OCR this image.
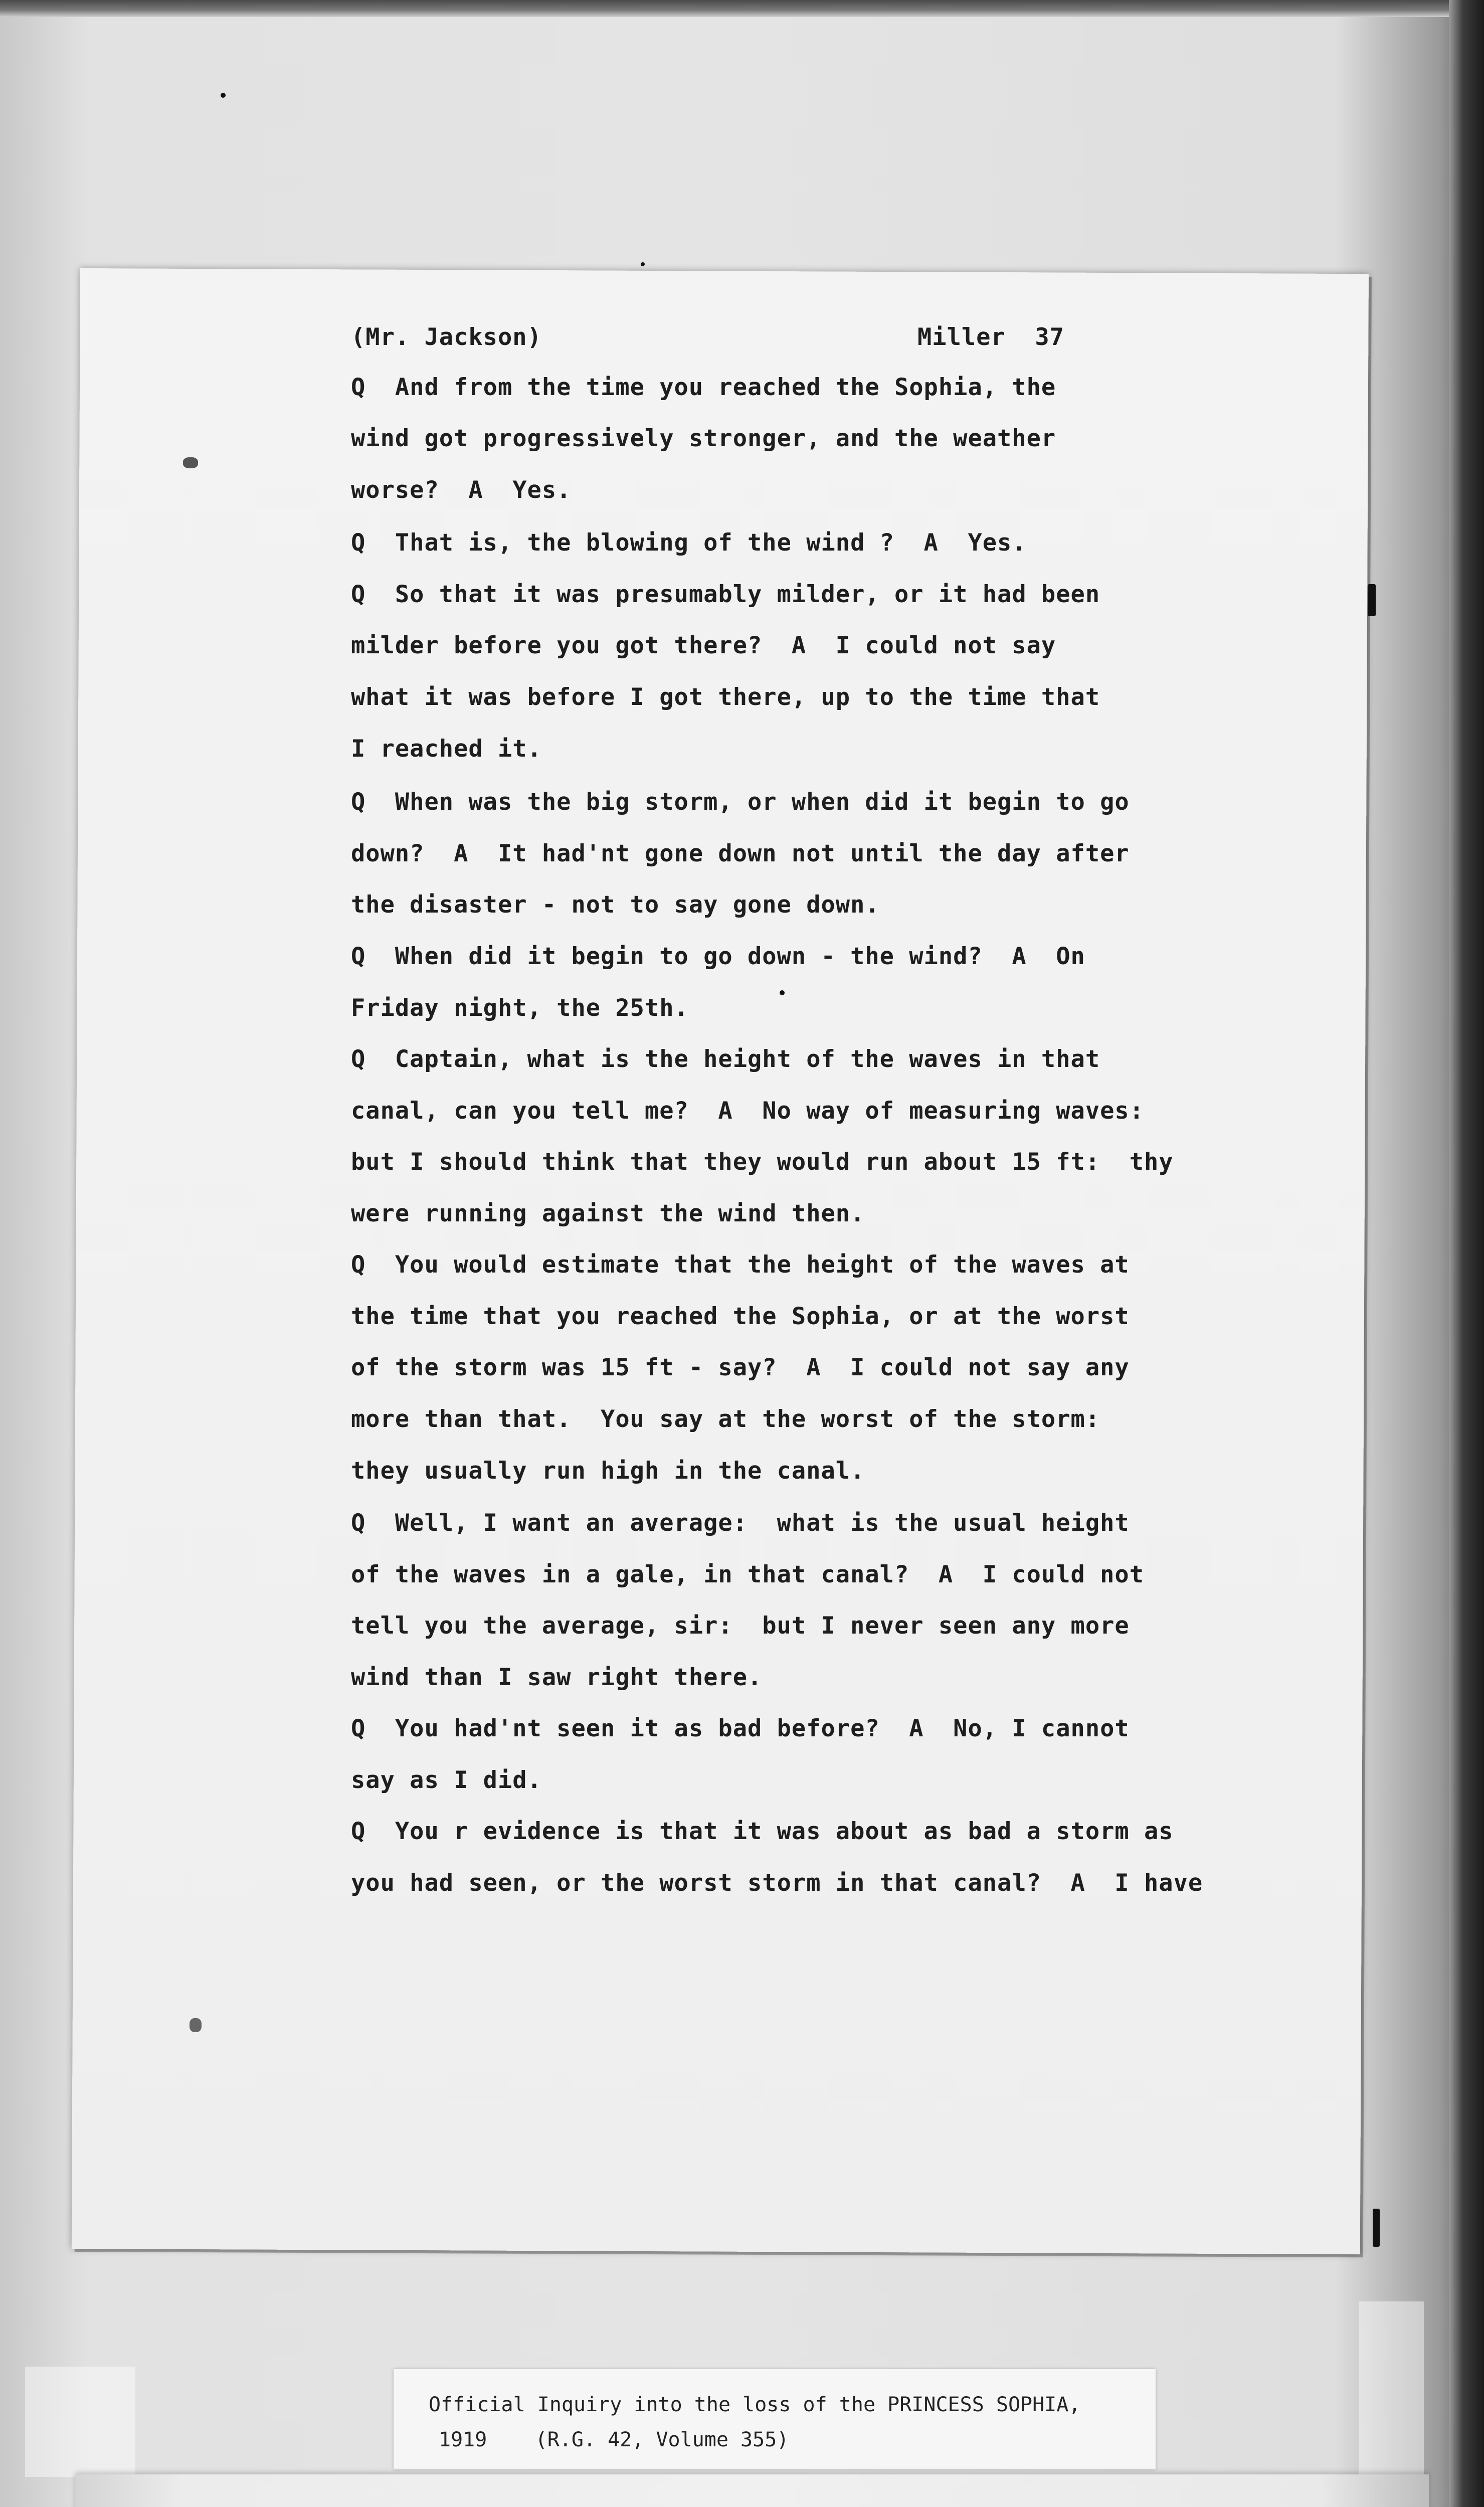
(Mr. Jackson)	Miller  37
Q  And from the time you reached the Sophia, the
wind got progressively stronger, and the weather
worse?  A  Yes.
Q  That is, the blowing of the wind ?  A  Yes.
Q  So that it was presumably milder, or it had been
milder before you got there?  A  I could not say
what it was before I got there, up to the time that
I reached it.
Q  When was the big storm, or when did it begin to go
down?  A  It had'nt gone down not until the day after
the disaster - not to say gone down.
Q  When did it begin to go down - the wind?  A  On
Friday night, the 25th.
Q  Captain, what is the height of the waves in that
canal, can you tell me?  A  No way of measuring waves:
but I should think that they would run about 15 ft:  thy
were running against the wind then.
Q  You would estimate that the height of the waves at
the time that you reached the Sophia, or at the worst
of the storm was 15 ft - say?  A  I could not say any
more than that.  You say at the worst of the storm:
they usually run high in the canal.
Q  Well, I want an average:  what is the usual height
of the waves in a gale, in that canal?  A  I could not
tell you the average, sir:  but I never seen any more
wind than I saw right there.
Q  You had'nt seen it as bad before?  A  No, I cannot
say as I did.
Q  You r evidence is that it was about as bad a storm as
you had seen, or the worst storm in that canal?  A  I have
Official Inquiry into the loss of the PRINCESS SOPHIA,
1919    (R.G. 42, Volume 355)
